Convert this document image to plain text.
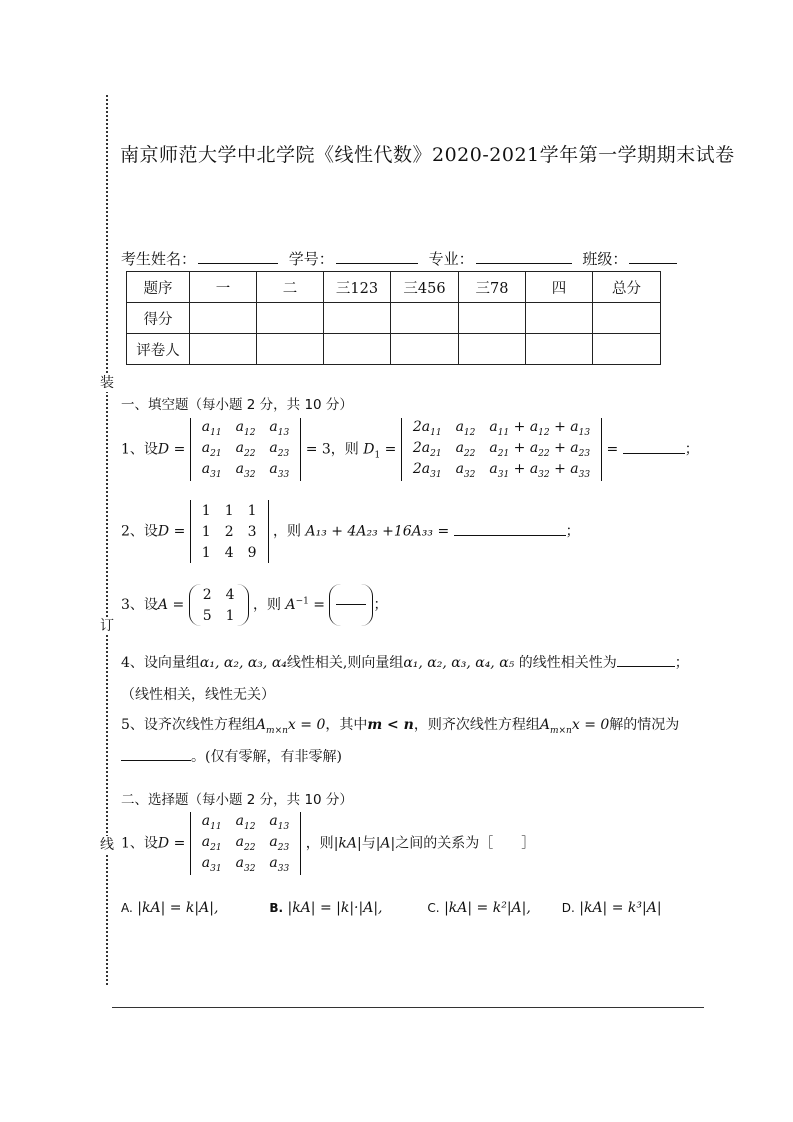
装
订
线
南京师范大学中北学院《线性代数》2020-2021学年第一学期期末试卷
考生姓名：	学号：	专业：	班级：
题序	一	二	三123	三456	三78	四	总分
得分							
评卷人							
一、填空题（每小题 2 分，共 10 分）
1、设D =
$a_{11}$	$a_{12}$	$a_{13}$
$a_{21}$	$a_{22}$	$a_{23}$
$a_{31}$	$a_{32}$	$a_{33}$
= 3，则 $D_1$ =
$2a_{11}$	$a_{12}$	$a_{11} + a_{12} + a_{13}$
$2a_{21}$	$a_{22}$	$a_{21} + a_{22} + a_{23}$
$2a_{31}$	$a_{32}$	$a_{31} + a_{32} + a_{33}$
=	；
2、设D =
1	1	1
1	2	3
1	4	9
，则 A₁₃ + 4A₂₃ +16A₃₃ =	；
3、设A =
2	4
5	1
，则 $A^{-1}$ =	；
4、设向量组α₁, α₂, α₃, α₄线性相关,则向量组α₁, α₂, α₃, α₄, α₅ 的线性相关性为	；
（线性相关，线性无关）
5、设齐次线性方程组$A_{m\times n}x = 0$，其中m < n，则齐次线性方程组$A_{m\times n}x = 0$解的情况为
。(仅有零解，有非零解)
二、选择题（每小题 2 分，共 10 分）
1、设D =
$a_{11}$	$a_{12}$	$a_{13}$
$a_{21}$	$a_{22}$	$a_{23}$
$a_{31}$	$a_{32}$	$a_{33}$
，则|kA|与|A|之间的关系为［　　］
A. |kA| = k|A|,	B. |kA| = |k|·|A|,	C. |kA| = k²|A|,	D. |kA| = k³|A|
